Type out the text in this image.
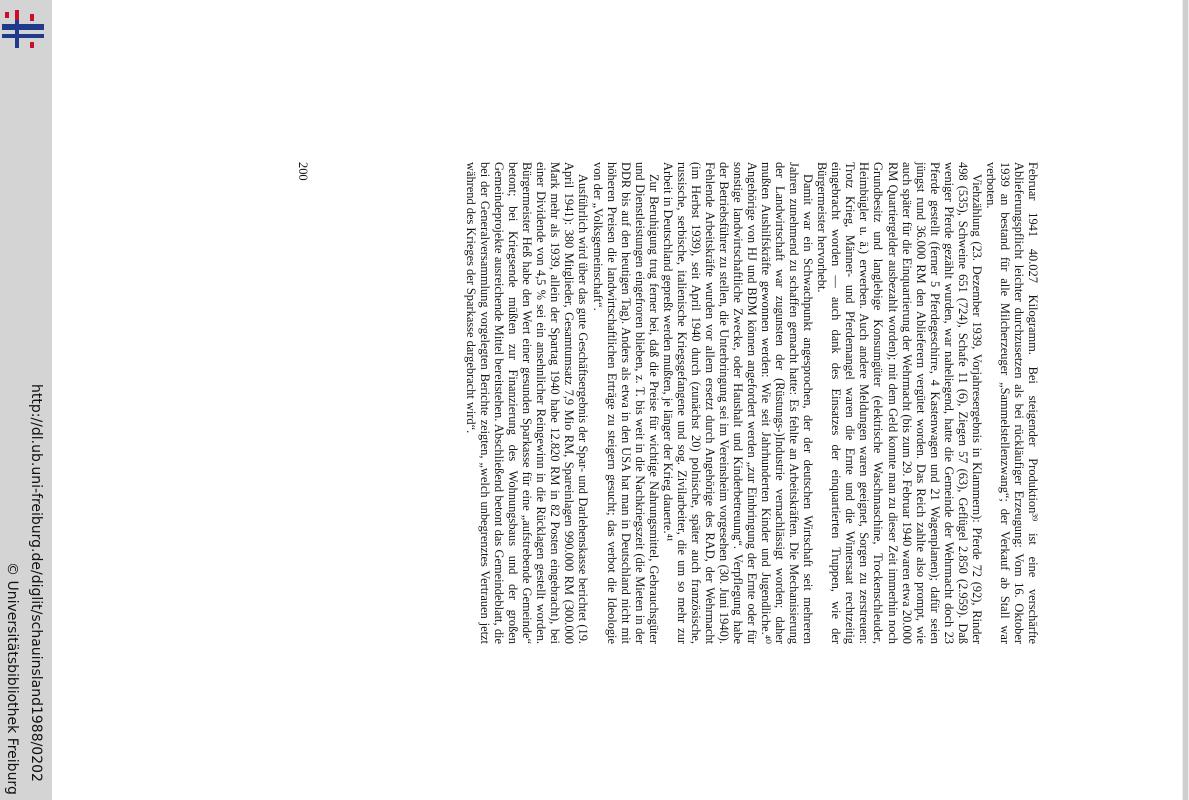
http://dl.ub.uni-freiburg.de/diglit/schauinsland1988/0202
© Universitätsbibliothek Freiburg

Februar 1941 40.027 Kilogramm. Bei steigender Produktion³⁹ ist eine verschärfte Ablieferungspflicht leichter durchzusetzen als bei rückläufiger Erzeugung: Vom 16. Oktober 1939 an bestand für alle Milcherzeuger „Sammelstellenzwang“; der Verkauf ab Stall war verboten.

Viehzählung (23. Dezember 1939, Vorjahresergebnis in Klammern): Pferde 72 (92), Rinder 498 (535), Schweine 651 (724), Schafe 11 (6), Ziegen 57 (63), Geflügel 2.850 (2.959). Daß weniger Pferde gezählt wurden, war naheliegend, hatte die Gemeinde der Wehrmacht doch 23 Pferde gestellt (ferner 5 Pferdegeschirre, 4 Kastenwagen und 21 Wagenplanen); dafür seien jüngst rund 36.000 RM den Ablieferern vergütet worden. Das Reich zahlte also prompt, wie auch später für die Einquartierung der Wehrmacht (bis zum 29. Februar 1940 waren etwa 20.000 RM Quartiergelder ausbezahlt worden); mit dem Geld konnte man zu dieser Zeit immerhin noch Grundbesitz und langlebige Konsumgüter (elektrische Waschmaschine, Trockenschleuder, Heimbügler u. ä.) erwerben. Auch andere Meldungen waren geeignet, Sorgen zu zerstreuen: Trotz Krieg, Männer- und Pferdemangel waren die Ernte und die Wintersaat rechtzeitig eingebracht worden — auch dank des Einsatzes der einquartierten Truppen, wie der Bürgermeister hervorhebt.

Damit war ein Schwachpunkt angesprochen, der der deutschen Wirtschaft seit mehreren Jahren zunehmend zu schaffen gemacht hatte: Es fehlte an Arbeitskräften. Die Mechanisierung der Landwirtschaft war zugunsten der (Rüstungs-)Industrie vernachlässigt worden; daher mußten Aushilfskräfte gewonnen werden: Wie seit Jahrhunderten Kinder und Jugendliche.⁴⁰ Angehörige von HJ und BDM können angefordert werden „zur Einbringung der Ernte oder für sonstige landwirtschaftliche Zwecke, oder Haushalt und Kinderbetreuung“. Verpflegung habe der Betriebsführer zu stellen, die Unterbringung sei im Vereinsheim vorgesehen (30. Juni 1940). Fehlende Arbeitskräfte wurden vor allem ersetzt durch Angehörige des RAD, der Wehrmacht (im Herbst 1939), seit April 1940 durch (zunächst 20) polnische, später auch französische, russische, serbische, italienische Kriegsgefangene und sog. Zivilarbeiter, die um so mehr zur Arbeit in Deutschland gepreßt werden mußten, je länger der Krieg dauerte.⁴¹

Zur Beruhigung trug ferner bei, daß die Preise für wichtige Nahrungsmittel, Gebrauchsgüter und Dienstleistungen eingefroren blieben, z. T. bis weit in die Nachkriegszeit (die Mieten in der DDR bis auf den heutigen Tag). Anders als etwa in den USA hat man in Deutschland nicht mit höheren Preisen die landwirtschaftlichen Erträge zu steigern gesucht; das verbot die Ideologie von der „Volksgemeinschaft“.

Ausführlich wird über das gute Geschäftsergebnis der Spar- und Darlehenskasse berichtet (19. April 1941): 380 Mitglieder, Gesamtumsatz 7,9 Mio RM, Spareinlagen 990.000 RM (300.000 Mark mehr als 1939, allein der Spartag 1940 habe 12.820 RM in 82 Posten eingebracht), bei einer Dividende von 4,5 % sei ein ansehnlicher Reingewinn in die Rücklagen gestellt worden. Bürgermeister Heß habe den Wert einer gesunden Sparkasse für eine „aufstrebende Gemeinde“ betont; bei Kriegsende müßten zur Finanzierung des Wohnungsbaus und der großen Gemeindeprojekte ausreichende Mittel bereitstehen. Abschließend betont das Gemeindeblatt, die bei der Generalversammlung vorgelegten Berichte zeigten, „welch unbegrenztes Vertrauen jetzt während des Krieges der Sparkasse dargebracht wird“.

200
